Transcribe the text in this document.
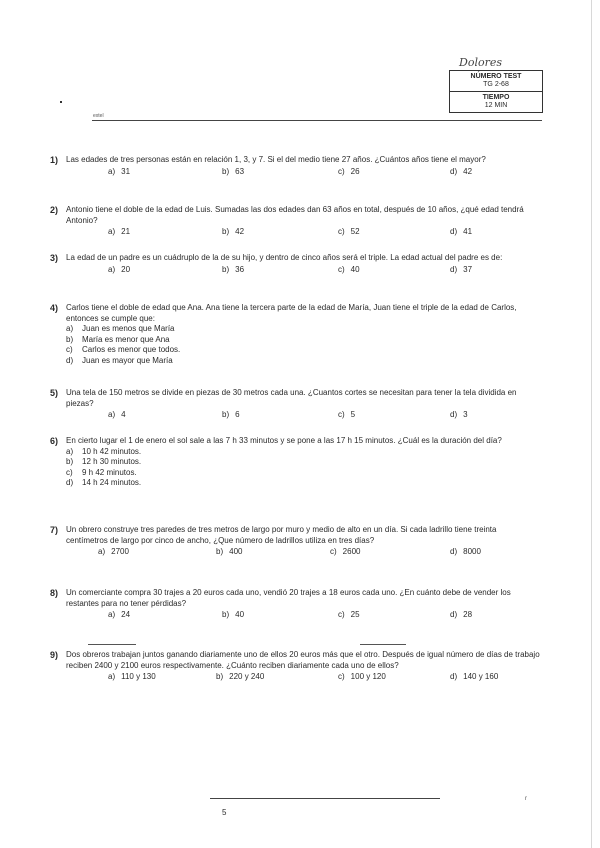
Dolores
NÚMERO TEST
TG 2-68
TIEMPO
12 MIN
extel
1) Las edades de tres personas están en relación 1, 3, y 7. Si el del medio tiene 27 años. ¿Cuántos años tiene el mayor?
a) 31	b) 63	c) 26	d) 42
2) Antonio tiene el doble de la edad de Luis. Sumadas las dos edades dan 63 años en total, después de 10 años, ¿qué edad tendrá Antonio?
a) 21	b) 42	c) 52	d) 41
3) La edad de un padre es un cuádruplo de la de su hijo, y dentro de cinco años será el triple. La edad actual del padre es de:
a) 20	b) 36	c) 40	d) 37
4) Carlos tiene el doble de edad que Ana. Ana tiene la tercera parte de la edad de María, Juan tiene el triple de la edad de Carlos, entonces se cumple que:
a) Juan es menos que María
b) María es menor que Ana
c) Carlos es menor que todos.
d) Juan es mayor que María
5) Una tela de 150 metros se divide en piezas de 30 metros cada una. ¿Cuantos cortes se necesitan para tener la tela dividida en piezas?
a) 4	b) 6	c) 5	d) 3
6) En cierto lugar el 1 de enero el sol sale a las 7 h 33 minutos y se pone a las 17 h 15 minutos. ¿Cuál es la duración del día?
a) 10 h 42 minutos.
b) 12 h 30 minutos.
c) 9 h 42 minutos.
d) 14 h 24 minutos.
7) Un obrero construye tres paredes de tres metros de largo por muro y medio de alto en un día. Si cada ladrillo tiene treinta centímetros de largo por cinco de ancho, ¿Que número de ladrillos utiliza en tres días?
a) 2700	b) 400	c) 2600	d) 8000
8) Un comerciante compra 30 trajes a 20 euros cada uno, vendió 20 trajes a 18 euros cada uno. ¿En cuánto debe de vender los restantes para no tener pérdidas?
a) 24	b) 40	c) 25	d) 28
9) Dos obreros trabajan juntos ganando diariamente uno de ellos 20 euros más que el otro. Después de igual número de días de trabajo reciben 2400 y 2100 euros respectivamente. ¿Cuánto reciben diariamente cada uno de ellos?
a) 110 y 130	b) 220 y 240	c) 100 y 120	d) 140 y 160
5
r
